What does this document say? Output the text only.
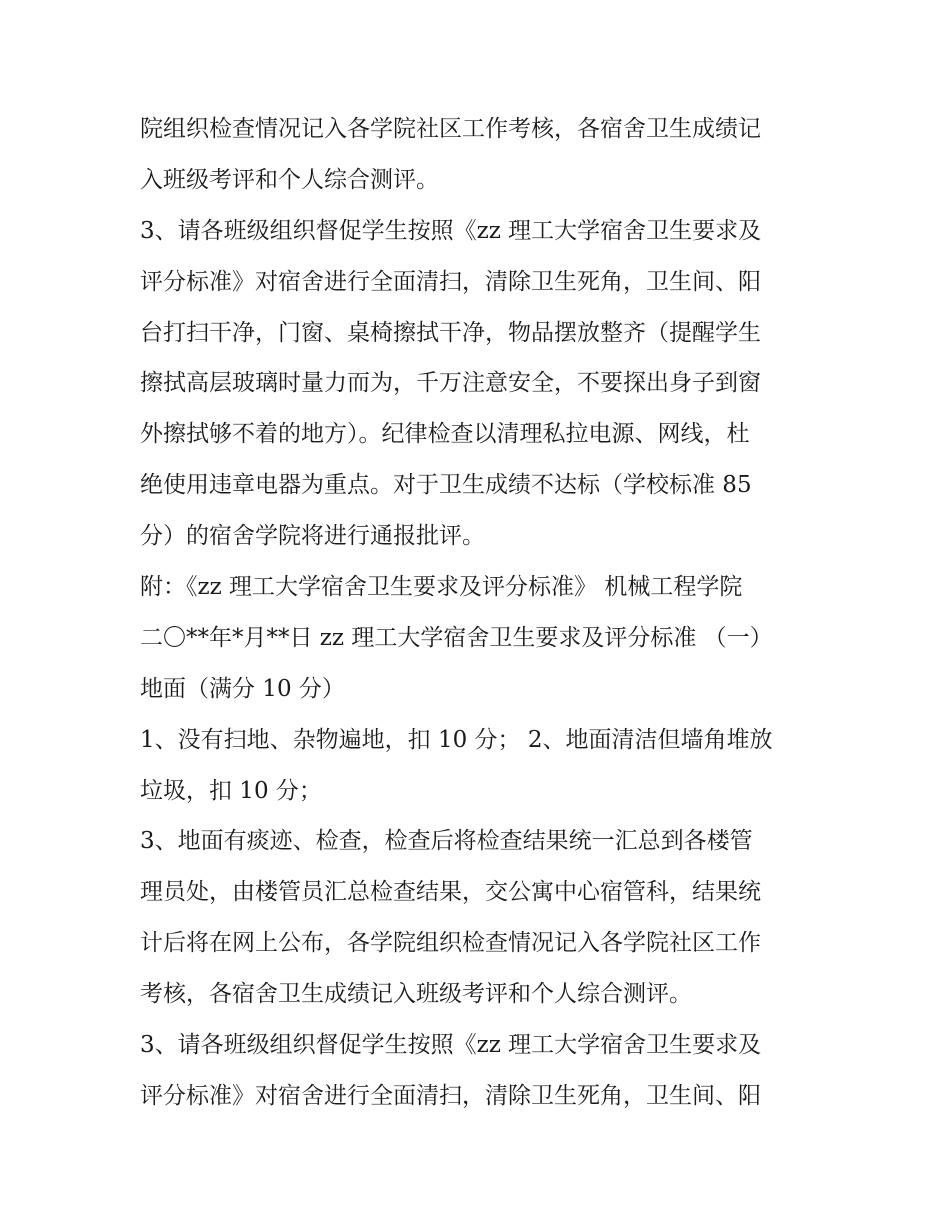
院组织检查情况记入各学院社区工作考核，各宿舍卫生成绩记
入班级考评和个人综合测评。
3、请各班级组织督促学生按照《zz 理工大学宿舍卫生要求及
评分标准》对宿舍进行全面清扫，清除卫生死角，卫生间、阳
台打扫干净，门窗、桌椅擦拭干净，物品摆放整齐（提醒学生
擦拭高层玻璃时量力而为，千万注意安全，不要探出身子到窗
外擦拭够不着的地方）。纪律检查以清理私拉电源、网线，杜
绝使用违章电器为重点。对于卫生成绩不达标（学校标准 85
分）的宿舍学院将进行通报批评。
附：《zz 理工大学宿舍卫生要求及评分标准》 机械工程学院
二〇**年*月**日 zz 理工大学宿舍卫生要求及评分标准 （一）
地面（满分 10 分）
1、没有扫地、杂物遍地，扣 10 分； 2、地面清洁但墙角堆放
垃圾，扣 10 分；
3、地面有痰迹、检查，检查后将检查结果统一汇总到各楼管
理员处，由楼管员汇总检查结果，交公寓中心宿管科，结果统
计后将在网上公布，各学院组织检查情况记入各学院社区工作
考核，各宿舍卫生成绩记入班级考评和个人综合测评。
3、请各班级组织督促学生按照《zz 理工大学宿舍卫生要求及
评分标准》对宿舍进行全面清扫，清除卫生死角，卫生间、阳
